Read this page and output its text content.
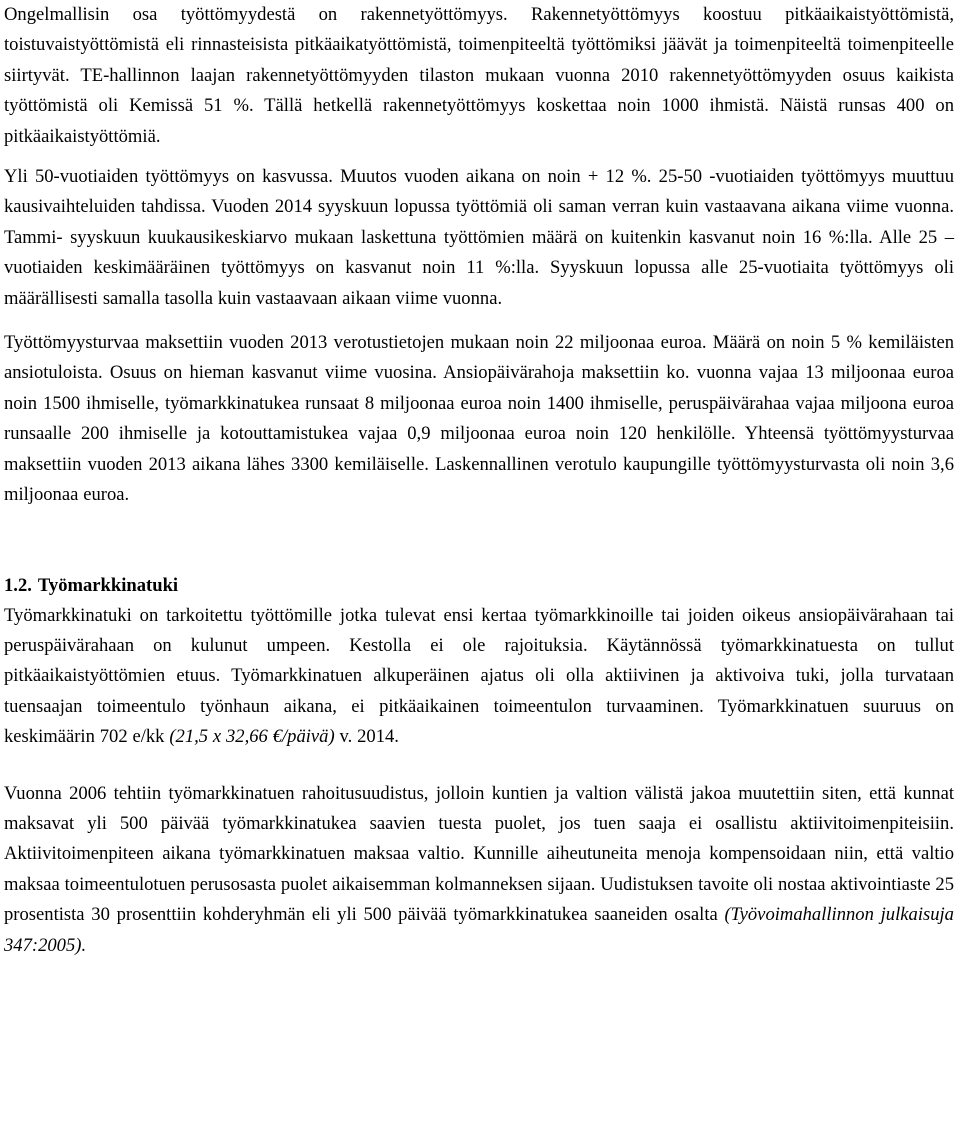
Ongelmallisin osa työttömyydestä on rakennetyöttömyys. Rakennetyöttömyys koostuu pitkäaikaistyöttömistä, toistuvaistyöttömistä eli rinnasteisista pitkäaikatyöttömistä, toimenpiteeltä työttömiksi jäävät ja toimenpiteeltä toimenpiteelle siirtyvät. TE-hallinnon laajan rakennetyöttömyyden tilaston mukaan vuonna 2010 rakennetyöttömyyden osuus kaikista työttömistä oli Kemissä 51 %. Tällä hetkellä rakennetyöttömyys koskettaa noin 1000 ihmistä. Näistä runsas 400 on pitkäaikaistyöttömiä.

Yli 50-vuotiaiden työttömyys on kasvussa. Muutos vuoden aikana on noin + 12 %. 25-50 -vuotiaiden työttömyys muuttuu kausivaihteluiden tahdissa. Vuoden 2014 syyskuun lopussa työttömiä oli saman verran kuin vastaavana aikana viime vuonna. Tammi- syyskuun kuukausikeskiarvo mukaan laskettuna työttömien määrä on kuitenkin kasvanut noin 16 %:lla. Alle 25 –vuotiaiden keskimääräinen työttömyys on kasvanut noin 11 %:lla. Syyskuun lopussa alle 25-vuotiaita työttömyys oli määrällisesti samalla tasolla kuin vastaavaan aikaan viime vuonna.

Työttömyysturvaa maksettiin vuoden 2013 verotustietojen mukaan noin 22 miljoonaa euroa. Määrä on noin 5 % kemiläisten ansiotuloista. Osuus on hieman kasvanut viime vuosina. Ansiopäivärahoja maksettiin ko. vuonna vajaa 13 miljoonaa euroa noin 1500 ihmiselle, työmarkkinatukea runsaat 8 miljoonaa euroa noin 1400 ihmiselle, peruspäivärahaa vajaa miljoona euroa runsaalle 200 ihmiselle ja kotouttamistukea vajaa 0,9 miljoonaa euroa noin 120 henkilölle. Yhteensä työttömyysturvaa maksettiin vuoden 2013 aikana lähes 3300 kemiläiselle. Laskennallinen verotulo kaupungille työttömyysturvasta oli noin 3,6 miljoonaa euroa.

1.2. Työmarkkinatuki

Työmarkkinatuki on tarkoitettu työttömille jotka tulevat ensi kertaa työmarkkinoille tai joiden oikeus ansiopäivärahaan tai peruspäivärahaan on kulunut umpeen. Kestolla ei ole rajoituksia. Käytännössä työmarkkinatuesta on tullut pitkäaikaistyöttömien etuus. Työmarkkinatuen alkuperäinen ajatus oli olla aktiivinen ja aktivoiva tuki, jolla turvataan tuensaajan toimeentulo työnhaun aikana, ei pitkäaikainen toimeentulon turvaaminen. Työmarkkinatuen suuruus on keskimäärin 702 e/kk (21,5 x 32,66 €/päivä) v. 2014.

Vuonna 2006 tehtiin työmarkkinatuen rahoitusuudistus, jolloin kuntien ja valtion välistä jakoa muutettiin siten, että kunnat maksavat yli 500 päivää työmarkkinatukea saavien tuesta puolet, jos tuen saaja ei osallistu aktiivitoimenpiteisiin. Aktiivitoimenpiteen aikana työmarkkinatuen maksaa valtio. Kunnille aiheutuneita menoja kompensoidaan niin, että valtio maksaa toimeentulotuen perusosasta puolet aikaisemman kolmanneksen sijaan. Uudistuksen tavoite oli nostaa aktivointiaste 25 prosentista 30 prosenttiin kohderyhmän eli yli 500 päivää työmarkkinatukea saaneiden osalta (Työvoimahallinnon julkaisuja 347:2005).
